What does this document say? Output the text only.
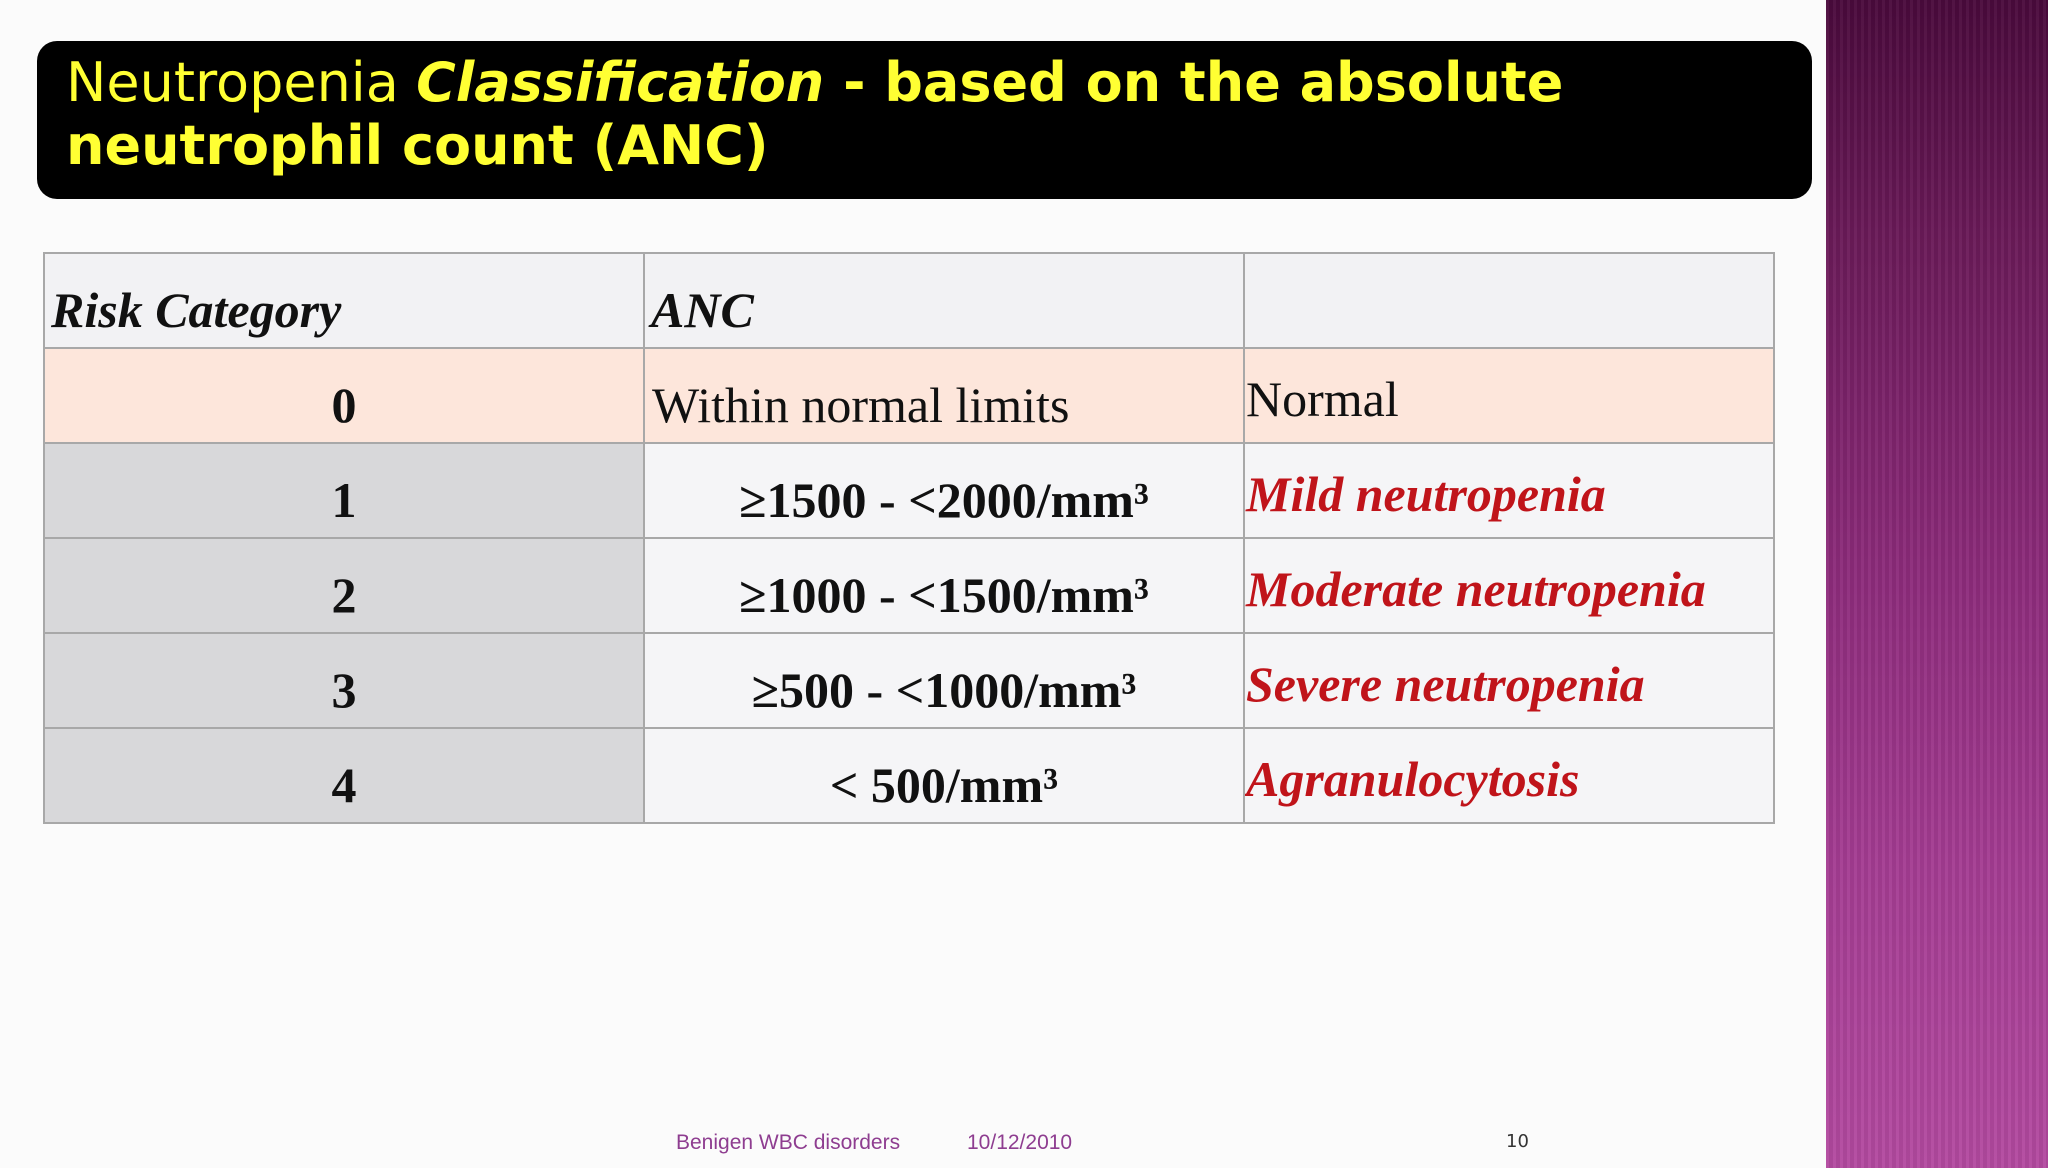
Neutropenia Classification - based on the absolute
neutrophil count (ANC)
Risk Category	ANC	
0	Within normal limits	Normal
1	≥1500 - <2000/mm³	Mild neutropenia
2	≥1000 - <1500/mm³	Moderate neutropenia
3	≥500 - <1000/mm³	Severe neutropenia
4	< 500/mm³	Agranulocytosis
Benigen WBC disorders	10/12/2010	10
